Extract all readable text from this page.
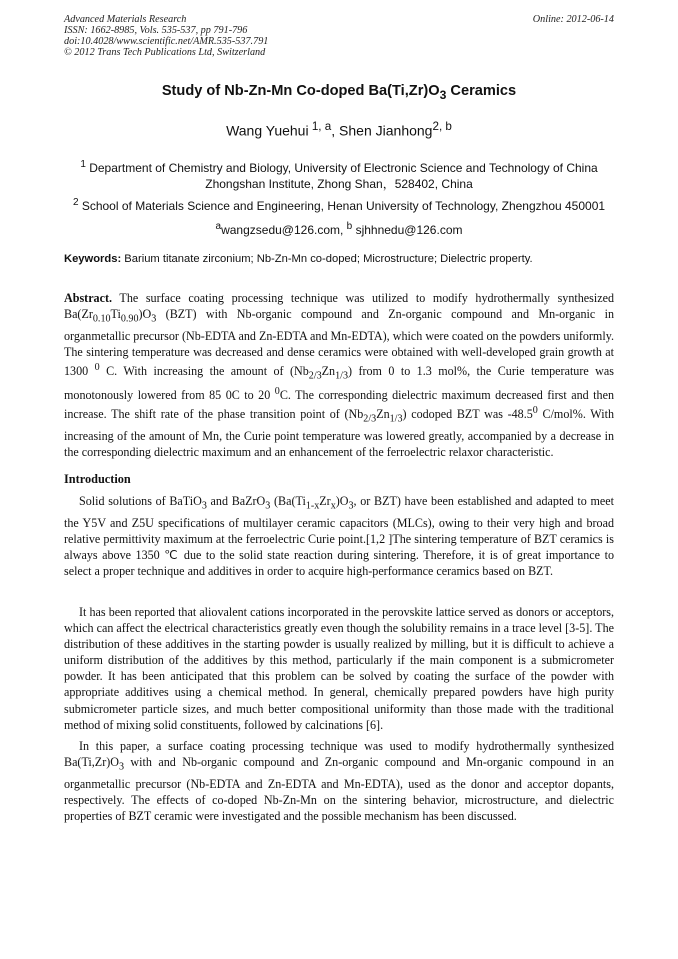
Advanced Materials Research
ISSN: 1662-8985, Vols. 535-537, pp 791-796
doi:10.4028/www.scientific.net/AMR.535-537.791
© 2012 Trans Tech Publications Ltd, Switzerland
Online: 2012-06-14
Study of Nb-Zn-Mn Co-doped $Ba(Ti,Zr)O_3$ Ceramics
Wang Yuehui $^{1, a}$, Shen Jianhong$^{2, b}$
$^1$ Department of Chemistry and Biology, University of Electronic Science and Technology of China
Zhongshan Institute, Zhong Shan，528402, China
$^2$ School of Materials Science and Engineering, Henan University of Technology, Zhengzhou 450001
$^a$wangzsedu@126.com, $^b$ sjhhnedu@126.com
Keywords: Barium titanate zirconium; Nb-Zn-Mn co-doped; Microstructure; Dielectric property.

Abstract. The surface coating processing technique was utilized to modify hydrothermally synthesized $Ba(Zr_{0.10}Ti_{0.90})O_3$ (BZT) with Nb-organic compound and Zn-organic compound and Mn-organic in organmetallic precursor (Nb-EDTA and Zn-EDTA and Mn-EDTA), which were coated on the powders uniformly. The sintering temperature was decreased and dense ceramics were obtained with well-developed grain growth at 1300 $^0$ C. With increasing the amount of $(Nb_{2/3}Zn_{1/3})$ from 0 to 1.3 mol%, the Curie temperature was monotonously lowered from 85 0C to 20 $^0$C. The corresponding dielectric maximum decreased first and then increase. The shift rate of the phase transition point of $(Nb_{2/3}Zn_{1/3})$ codoped BZT was -48.5$^0$ C/mol%. With increasing of the amount of Mn, the Curie point temperature was lowered greatly, accompanied by a decrease in the corresponding dielectric maximum and an enhancement of the ferroelectric relaxor characteristic.

Introduction

Solid solutions of BaTiO$_3$ and BaZrO$_3$ ($Ba(Ti_{1-x}Zr_x)O_3$, or BZT) have been established and adapted to meet the Y5V and Z5U specifications of multilayer ceramic capacitors (MLCs), owing to their very high and broad relative permittivity maximum at the ferroelectric Curie point.[1,2 ]The sintering temperature of BZT ceramics is always above 1350 ℃ due to the solid state reaction during sintering. Therefore, it is of great importance to select a proper technique and additives in order to acquire high-performance ceramics based on BZT.

It has been reported that aliovalent cations incorporated in the perovskite lattice served as donors or acceptors, which can affect the electrical characteristics greatly even though the solubility remains in a trace level [3-5]. The distribution of these additives in the starting powder is usually realized by milling, but it is difficult to achieve a uniform distribution of the additives by this method, particularly if the main component is a submicrometer powder. It has been anticipated that this problem can be solved by coating the surface of the powder with appropriate additives using a chemical method. In general, chemically prepared powders have high purity submicrometer particle sizes, and much better compositional uniformity than those made with the traditional method of mixing solid constituents, followed by calcinations [6].

In this paper, a surface coating processing technique was used to modify hydrothermally synthesized $Ba(Ti,Zr)O_3$ with and Nb-organic compound and Zn-organic compound and Mn-organic compound in an organmetallic precursor (Nb-EDTA and Zn-EDTA and Mn-EDTA), used as the donor and acceptor dopants, respectively. The effects of co-doped Nb-Zn-Mn on the sintering behavior, microstructure, and dielectric properties of BZT ceramic were investigated and the possible mechanism has been discussed.
